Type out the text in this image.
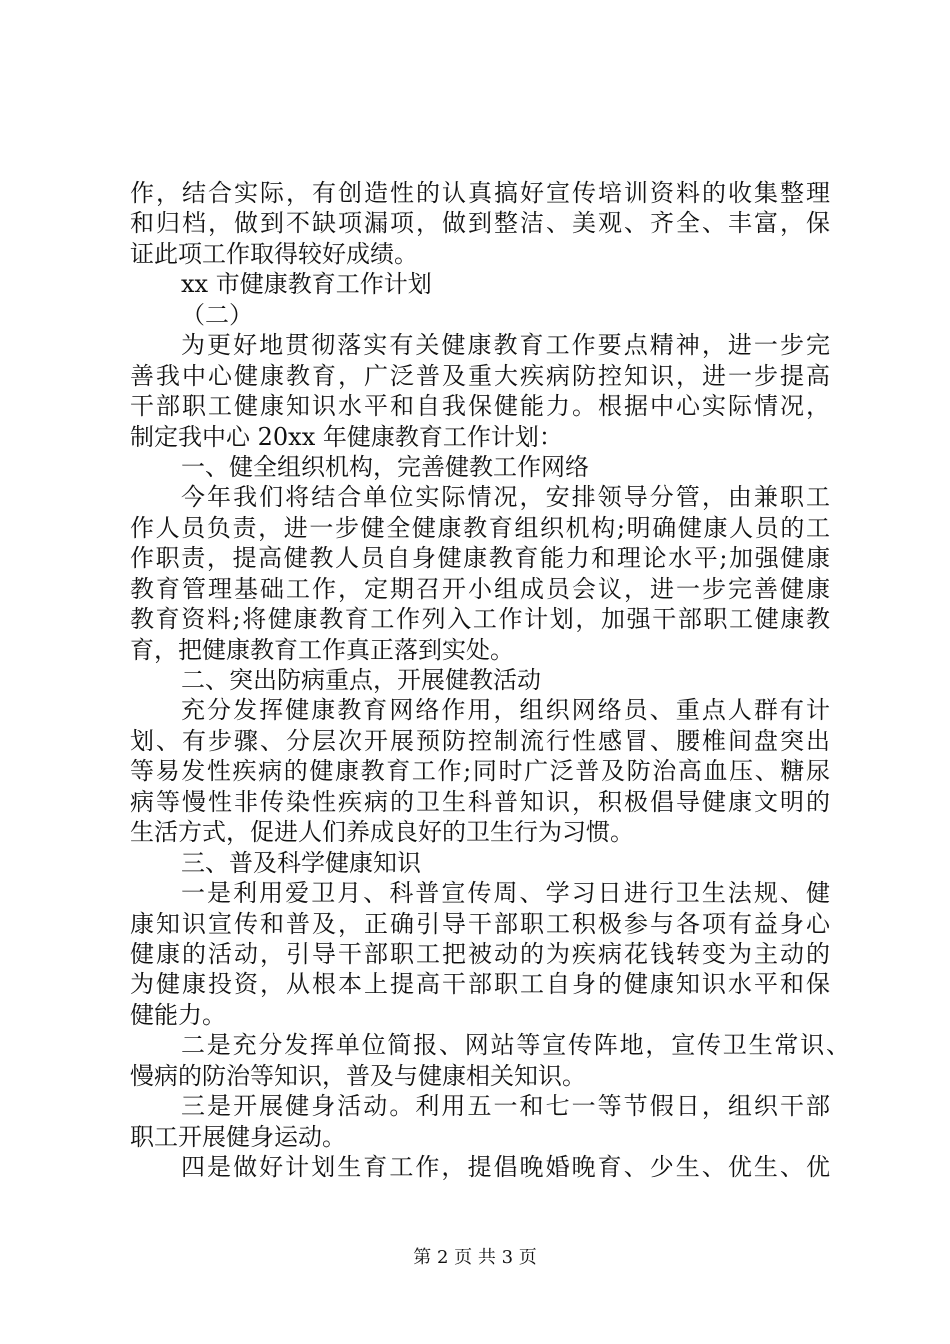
作，结合实际，有创造性的认真搞好宣传培训资料的收集整理
和归档，做到不缺项漏项，做到整洁、美观、齐全、丰富，保
证此项工作取得较好成绩。
xx 市健康教育工作计划
（二）
为更好地贯彻落实有关健康教育工作要点精神，进一步完
善我中心健康教育，广泛普及重大疾病防控知识，进一步提高
干部职工健康知识水平和自我保健能力。根据中心实际情况，
制定我中心 20xx 年健康教育工作计划：
一、健全组织机构，完善健教工作网络
今年我们将结合单位实际情况，安排领导分管，由兼职工
作人员负责，进一步健全健康教育组织机构;明确健康人员的工
作职责，提高健教人员自身健康教育能力和理论水平;加强健康
教育管理基础工作，定期召开小组成员会议，进一步完善健康
教育资料;将健康教育工作列入工作计划，加强干部职工健康教
育，把健康教育工作真正落到实处。
二、突出防病重点，开展健教活动
充分发挥健康教育网络作用，组织网络员、重点人群有计
划、有步骤、分层次开展预防控制流行性感冒、腰椎间盘突出
等易发性疾病的健康教育工作;同时广泛普及防治高血压、糖尿
病等慢性非传染性疾病的卫生科普知识，积极倡导健康文明的
生活方式，促进人们养成良好的卫生行为习惯。
三、普及科学健康知识
一是利用爱卫月、科普宣传周、学习日进行卫生法规、健
康知识宣传和普及，正确引导干部职工积极参与各项有益身心
健康的活动，引导干部职工把被动的为疾病花钱转变为主动的
为健康投资，从根本上提高干部职工自身的健康知识水平和保
健能力。
二是充分发挥单位简报、网站等宣传阵地，宣传卫生常识、
慢病的防治等知识，普及与健康相关知识。
三是开展健身活动。利用五一和七一等节假日，组织干部
职工开展健身运动。
四是做好计划生育工作，提倡晚婚晚育、少生、优生、优
第 2 页 共 3 页
